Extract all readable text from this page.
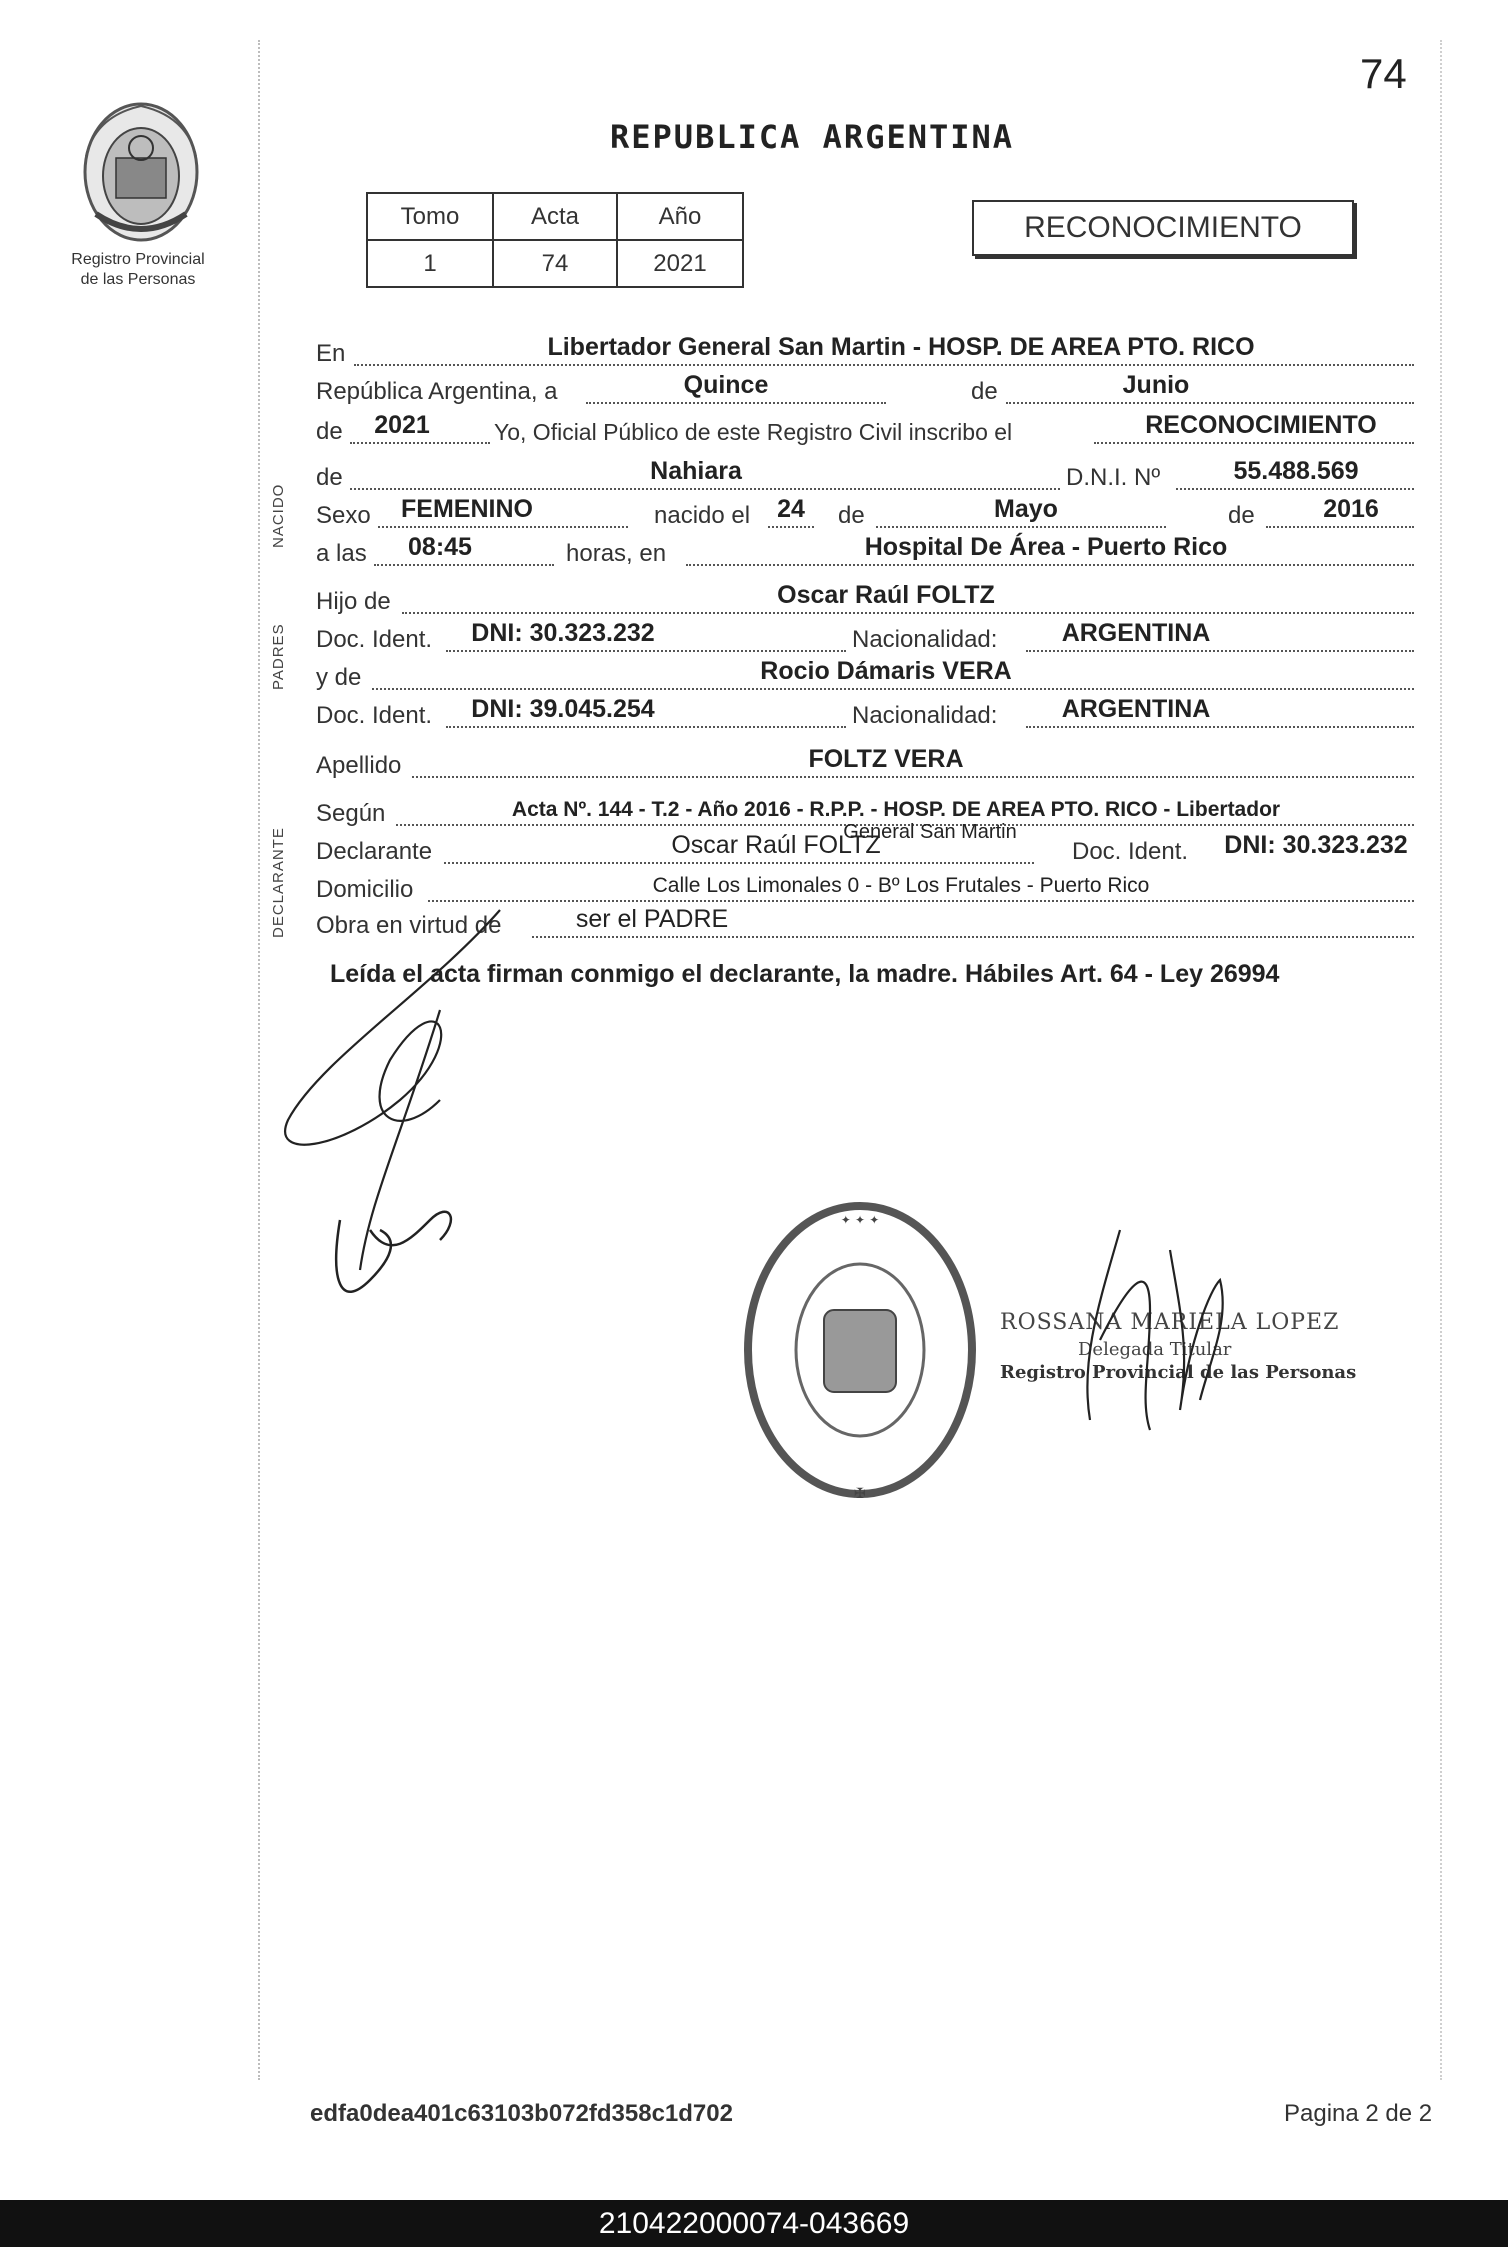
74
Registro Provincial
de las Personas
REPUBLICA ARGENTINA
Tomo	Acta	Año
1	74	2021
RECONOCIMIENTO
NACIDO
PADRES
DECLARANTE
En	Libertador General San Martin - HOSP. DE AREA PTO. RICO
República Argentina, a	Quince	de	Junio
de	2021	Yo, Oficial Público de este Registro Civil inscribo el	RECONOCIMIENTO
de	Nahiara	D.N.I. Nº	55.488.569
Sexo	FEMENINO	nacido el	24	de	Mayo	de	2016
a las	08:45	horas, en	Hospital De Área - Puerto Rico
Hijo de	Oscar Raúl FOLTZ
Doc. Ident.	DNI: 30.323.232	Nacionalidad:	ARGENTINA
y de	Rocio Dámaris VERA
Doc. Ident.	DNI: 39.045.254	Nacionalidad:	ARGENTINA
Apellido	FOLTZ VERA
Según	Acta Nº. 144 - T.2 - Año 2016 - R.P.P. - HOSP. DE AREA PTO. RICO - Libertador
General San Martin
Declarante	Oscar Raúl FOLTZ	Doc. Ident.	DNI: 30.323.232
Domicilio	Calle Los Limonales 0 - Bº Los Frutales - Puerto Rico
Obra en virtud de	ser el PADRE
Leída el acta firman conmigo el declarante, la madre. Hábiles Art. 64 - Ley 26994
✦ ✦ ✦
✠
ROSSANA MARIELA LOPEZ
Delegada Titular
Registro Provincial de las Personas
edfa0dea401c63103b072fd358c1d702	Pagina 2 de 2
210422000074-043669
